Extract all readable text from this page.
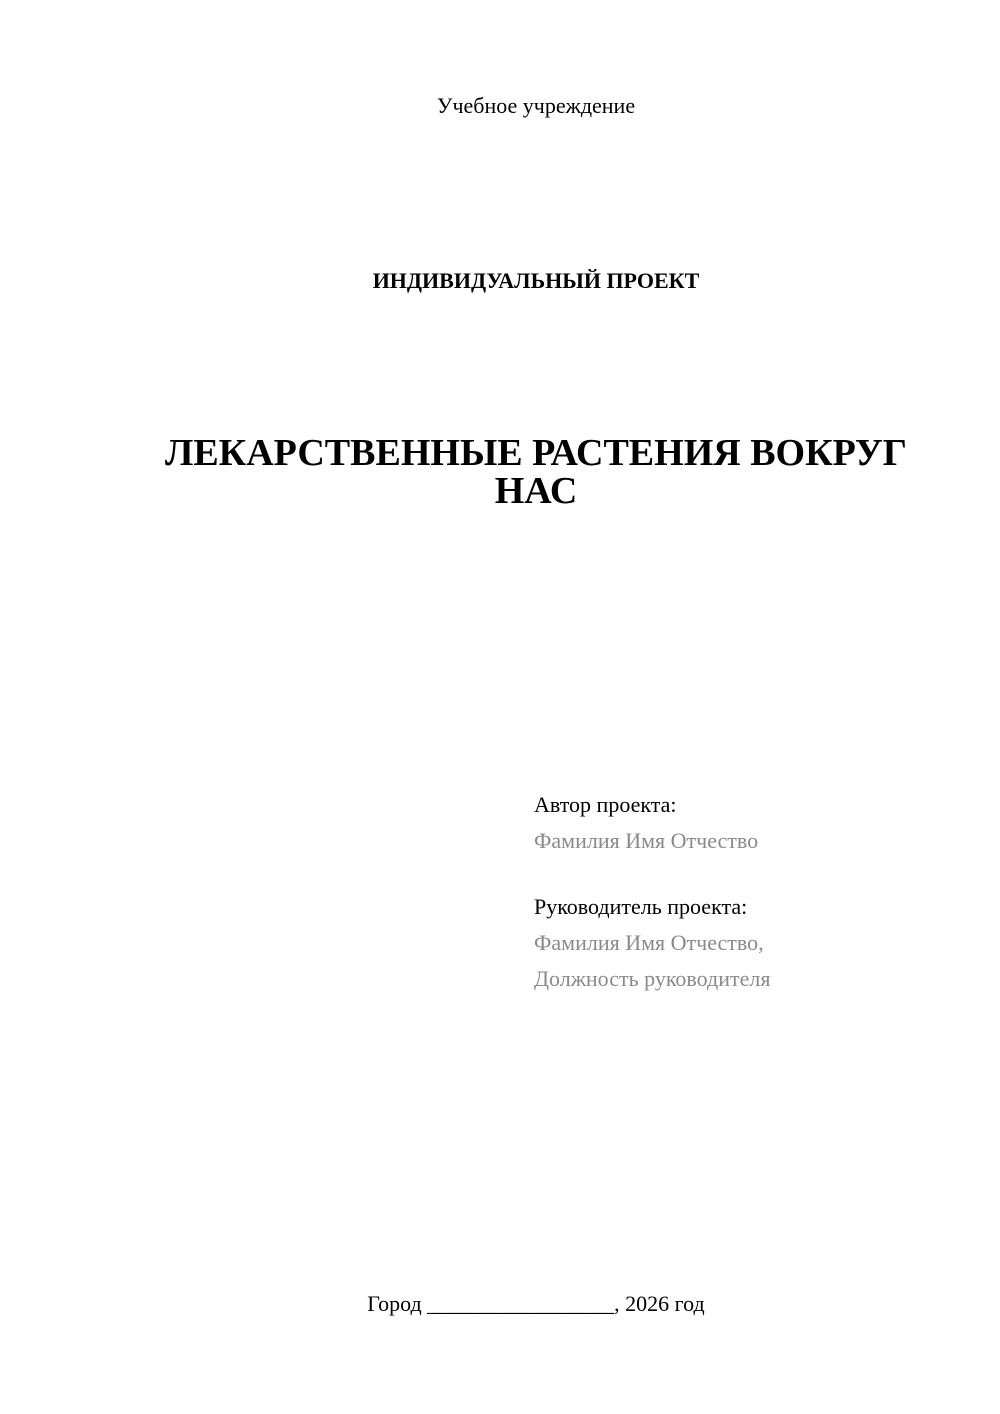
Учебное учреждение
ИНДИВИДУАЛЬНЫЙ ПРОЕКТ
ЛЕКАРСТВЕННЫЕ РАСТЕНИЯ ВОКРУГ
НАС
Автор проекта:
Фамилия Имя Отчество
Руководитель проекта:
Фамилия Имя Отчество,
Должность руководителя
Город _________________, 2026 год
